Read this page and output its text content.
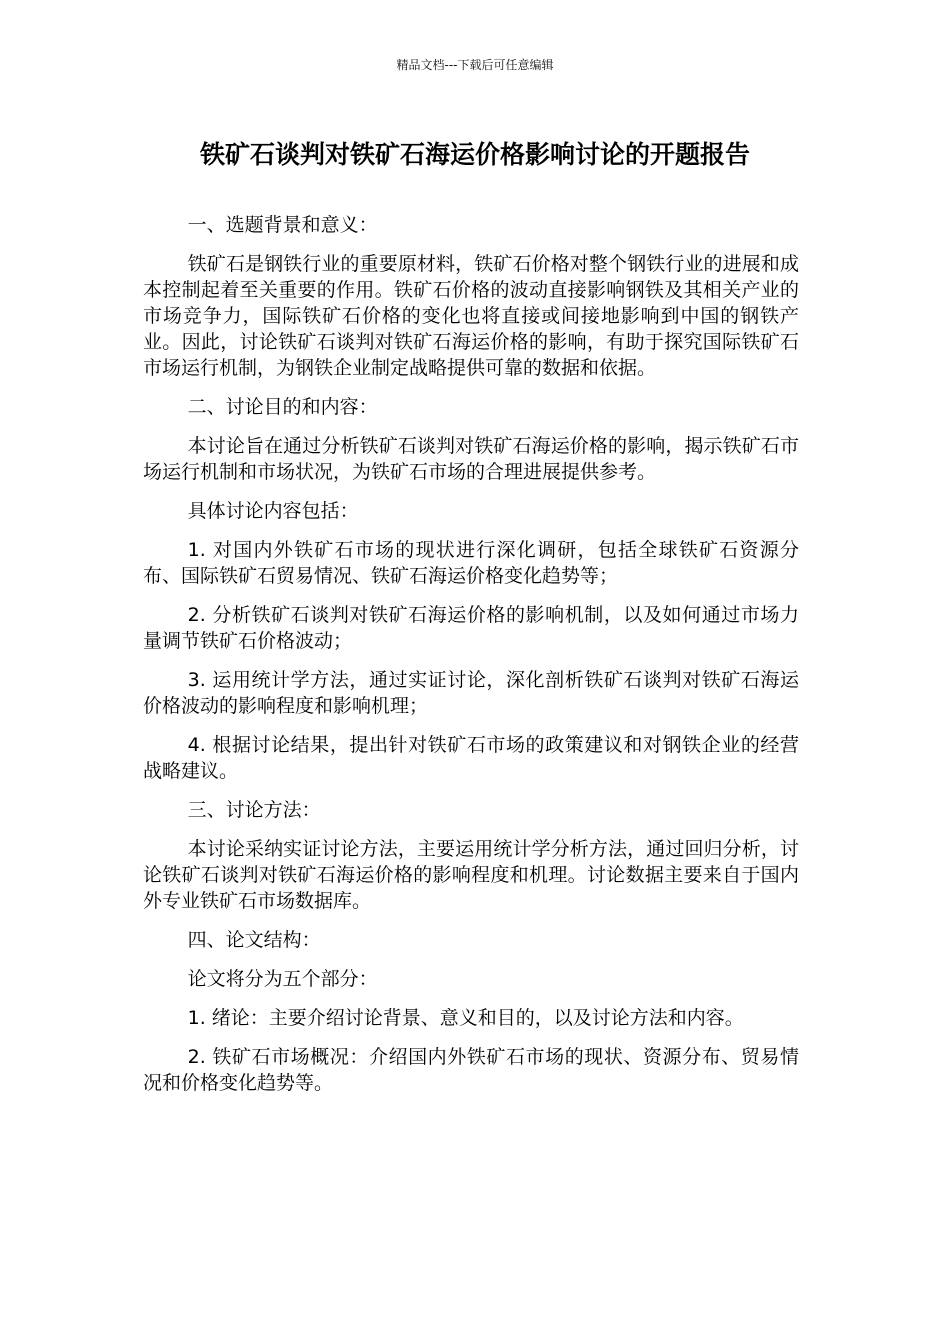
精品文档---下载后可任意编辑
铁矿石谈判对铁矿石海运价格影响讨论的开题报告

一、选题背景和意义：

铁矿石是钢铁行业的重要原材料，铁矿石价格对整个钢铁行业的进展和成本控制起着至关重要的作用。铁矿石价格的波动直接影响钢铁及其相关产业的市场竞争力，国际铁矿石价格的变化也将直接或间接地影响到中国的钢铁产业。因此，讨论铁矿石谈判对铁矿石海运价格的影响，有助于探究国际铁矿石市场运行机制，为钢铁企业制定战略提供可靠的数据和依据。

二、讨论目的和内容：

本讨论旨在通过分析铁矿石谈判对铁矿石海运价格的影响，揭示铁矿石市场运行机制和市场状况，为铁矿石市场的合理进展提供参考。

具体讨论内容包括：

1. 对国内外铁矿石市场的现状进行深化调研，包括全球铁矿石资源分布、国际铁矿石贸易情况、铁矿石海运价格变化趋势等；

2. 分析铁矿石谈判对铁矿石海运价格的影响机制，以及如何通过市场力量调节铁矿石价格波动；

3. 运用统计学方法，通过实证讨论，深化剖析铁矿石谈判对铁矿石海运价格波动的影响程度和影响机理；

4. 根据讨论结果，提出针对铁矿石市场的政策建议和对钢铁企业的经营战略建议。

三、讨论方法：

本讨论采纳实证讨论方法，主要运用统计学分析方法，通过回归分析，讨论铁矿石谈判对铁矿石海运价格的影响程度和机理。讨论数据主要来自于国内外专业铁矿石市场数据库。

四、论文结构：

论文将分为五个部分：

1. 绪论：主要介绍讨论背景、意义和目的，以及讨论方法和内容。

2. 铁矿石市场概况：介绍国内外铁矿石市场的现状、资源分布、贸易情况和价格变化趋势等。
